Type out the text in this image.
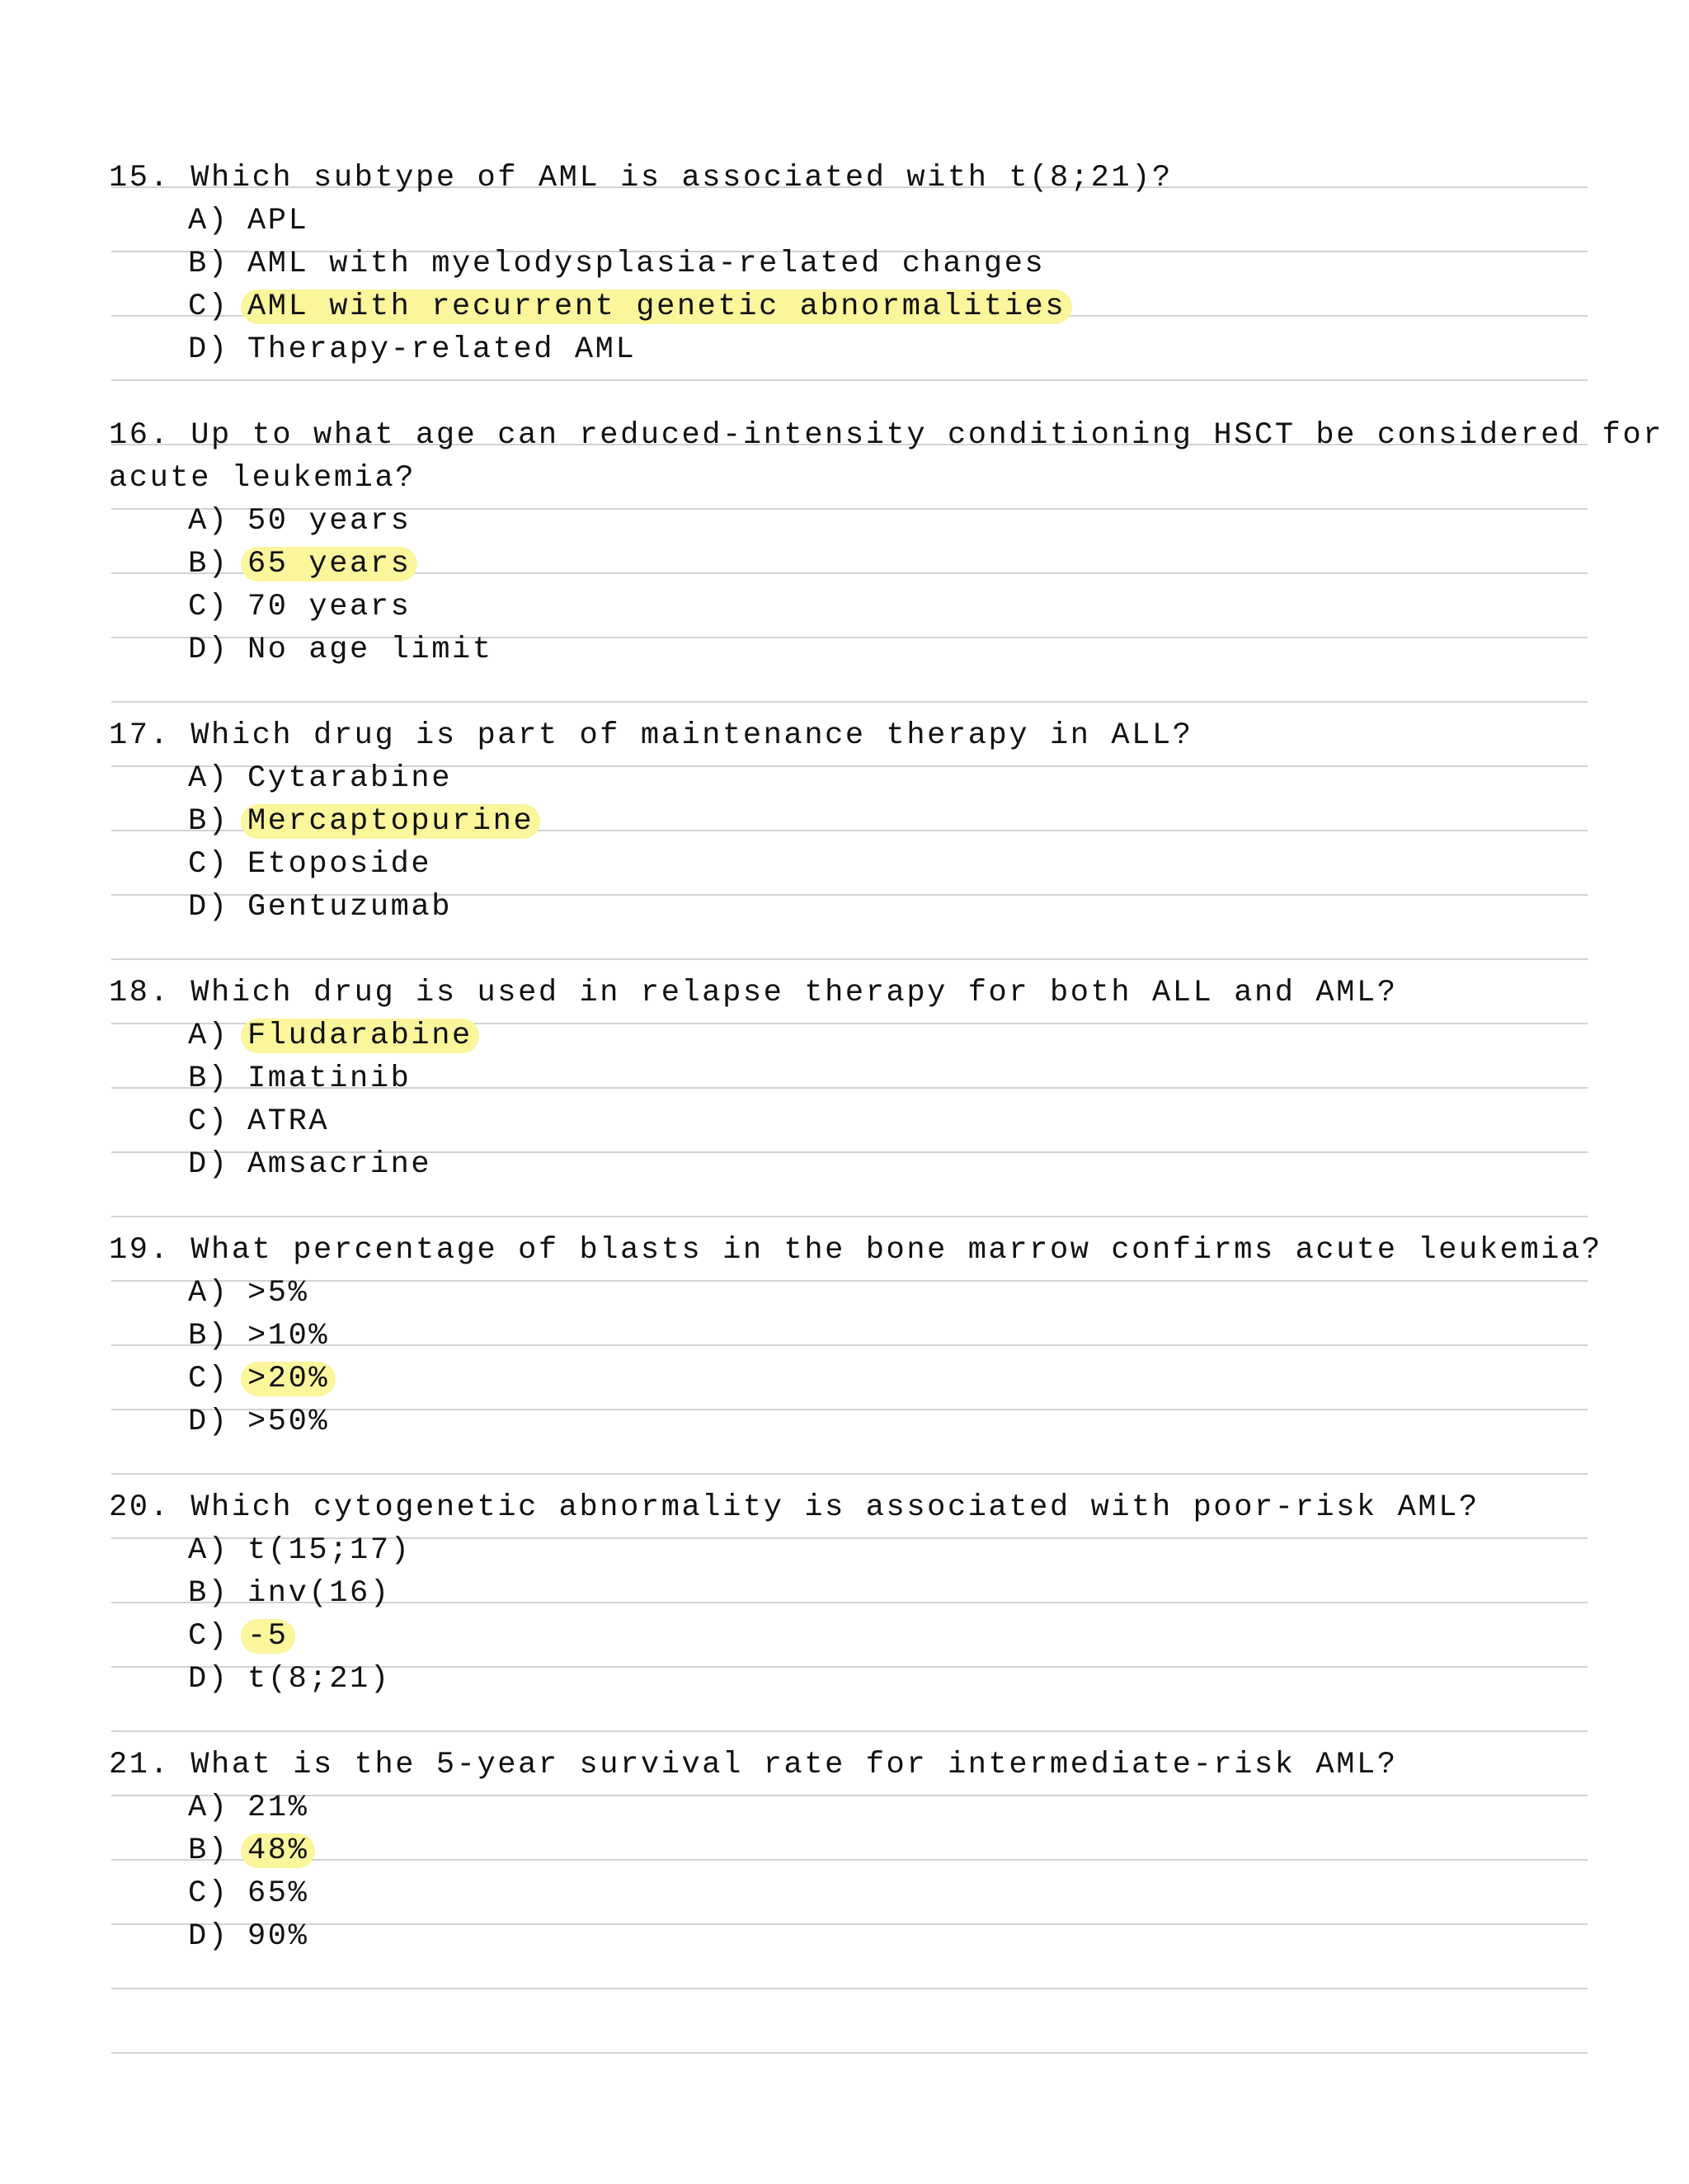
15. Which subtype of AML is associated with t(8;21)?
A) APL
B) AML with myelodysplasia-related changes
C) AML with recurrent genetic abnormalities
D) Therapy-related AML
16. Up to what age can reduced-intensity conditioning HSCT be considered for
acute leukemia?
A) 50 years
B) 65 years
C) 70 years
D) No age limit
17. Which drug is part of maintenance therapy in ALL?
A) Cytarabine
B) Mercaptopurine
C) Etoposide
D) Gentuzumab
18. Which drug is used in relapse therapy for both ALL and AML?
A) Fludarabine
B) Imatinib
C) ATRA
D) Amsacrine
19. What percentage of blasts in the bone marrow confirms acute leukemia?
A) >5%
B) >10%
C) >20%
D) >50%
20. Which cytogenetic abnormality is associated with poor-risk AML?
A) t(15;17)
B) inv(16)
C) -5
D) t(8;21)
21. What is the 5-year survival rate for intermediate-risk AML?
A) 21%
B) 48%
C) 65%
D) 90%
